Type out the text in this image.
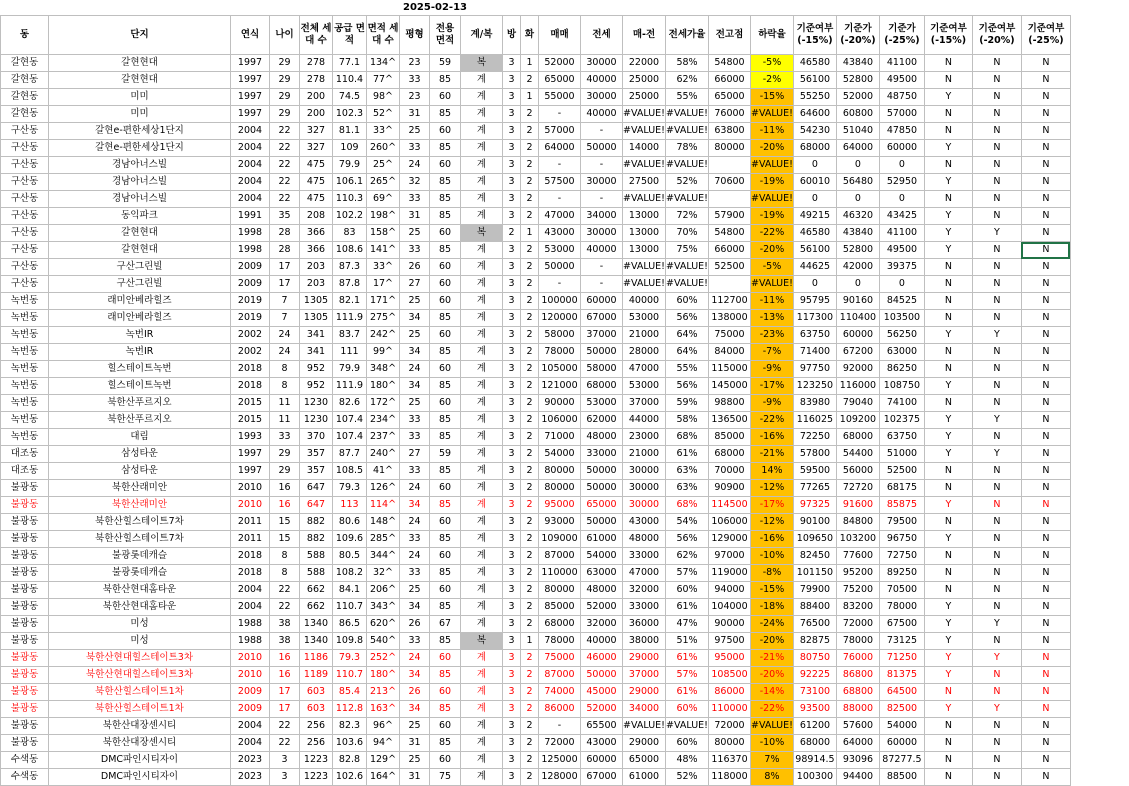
2025-02-13
동	단지	연식	나이	전체 세대 수	공급 면적	면적 세대 수	평형	전용 면적	계/복	방	화	매매	전세	매-전	전세가율	전고점	하락율	기준여부 (-15%)	기준가 (-20%)	기준가 (-25%)	기준여부 (-15%)	기준여부 (-20%)	기준여부 (-25%)
갈현동	갈현현대	1997	29	278	77.1	134^	23	59	복	3	1	52000	30000	22000	58%	54800	-5%	46580	43840	41100	N	N	N
갈현동	갈현현대	1997	29	278	110.4	77^	33	85	계	3	2	65000	40000	25000	62%	66000	-2%	56100	52800	49500	N	N	N
갈현동	미미	1997	29	200	74.5	98^	23	60	계	3	1	55000	30000	25000	55%	65000	-15%	55250	52000	48750	Y	N	N
갈현동	미미	1997	29	200	102.3	52^	31	85	계	3	2	-	40000	#VALUE!	#VALUE!	76000	#VALUE!	64600	60800	57000	N	N	N
구산동	갈현e-편한세상1단지	2004	22	327	81.1	33^	25	60	계	3	2	57000	-	#VALUE!	#VALUE!	63800	-11%	54230	51040	47850	N	N	N
구산동	갈현e-편한세상1단지	2004	22	327	109	260^	33	85	계	3	2	64000	50000	14000	78%	80000	-20%	68000	64000	60000	Y	N	N
구산동	경남아너스빌	2004	22	475	79.9	25^	24	60	계	3	2	-	-	#VALUE!	#VALUE!		#VALUE!	0	0	0	N	N	N
구산동	경남아너스빌	2004	22	475	106.1	265^	32	85	계	3	2	57500	30000	27500	52%	70600	-19%	60010	56480	52950	Y	N	N
구산동	경남아너스빌	2004	22	475	110.3	69^	33	85	계	3	2	-	-	#VALUE!	#VALUE!		#VALUE!	0	0	0	N	N	N
구산동	동익파크	1991	35	208	102.2	198^	31	85	계	3	2	47000	34000	13000	72%	57900	-19%	49215	46320	43425	Y	N	N
구산동	갈현현대	1998	28	366	83	158^	25	60	복	2	1	43000	30000	13000	70%	54800	-22%	46580	43840	41100	Y	Y	N
구산동	갈현현대	1998	28	366	108.6	141^	33	85	계	3	2	53000	40000	13000	75%	66000	-20%	56100	52800	49500	Y	N	N
구산동	구산그린빌	2009	17	203	87.3	33^	26	60	계	3	2	50000	-	#VALUE!	#VALUE!	52500	-5%	44625	42000	39375	N	N	N
구산동	구산그린빌	2009	17	203	87.8	17^	27	60	계	3	2	-	-	#VALUE!	#VALUE!		#VALUE!	0	0	0	N	N	N
녹번동	래미안베라힐즈	2019	7	1305	82.1	171^	25	60	계	3	2	100000	60000	40000	60%	112700	-11%	95795	90160	84525	N	N	N
녹번동	래미안베라힐즈	2019	7	1305	111.9	275^	34	85	계	3	2	120000	67000	53000	56%	138000	-13%	117300	110400	103500	N	N	N
녹번동	녹번IR	2002	24	341	83.7	242^	25	60	계	3	2	58000	37000	21000	64%	75000	-23%	63750	60000	56250	Y	Y	N
녹번동	녹번IR	2002	24	341	111	99^	34	85	계	3	2	78000	50000	28000	64%	84000	-7%	71400	67200	63000	N	N	N
녹번동	힐스테이트녹번	2018	8	952	79.9	348^	24	60	계	3	2	105000	58000	47000	55%	115000	-9%	97750	92000	86250	N	N	N
녹번동	힐스테이트녹번	2018	8	952	111.9	180^	34	85	계	3	2	121000	68000	53000	56%	145000	-17%	123250	116000	108750	Y	N	N
녹번동	북한산푸르지오	2015	11	1230	82.6	172^	25	60	계	3	2	90000	53000	37000	59%	98800	-9%	83980	79040	74100	N	N	N
녹번동	북한산푸르지오	2015	11	1230	107.4	234^	33	85	계	3	2	106000	62000	44000	58%	136500	-22%	116025	109200	102375	Y	Y	N
녹번동	대림	1993	33	370	107.4	237^	33	85	계	3	2	71000	48000	23000	68%	85000	-16%	72250	68000	63750	Y	N	N
대조동	삼성타운	1997	29	357	87.7	240^	27	59	계	3	2	54000	33000	21000	61%	68000	-21%	57800	54400	51000	Y	Y	N
대조동	삼성타운	1997	29	357	108.5	41^	33	85	계	3	2	80000	50000	30000	63%	70000	14%	59500	56000	52500	N	N	N
불광동	북한산래미안	2010	16	647	79.3	126^	24	60	계	3	2	80000	50000	30000	63%	90900	-12%	77265	72720	68175	N	N	N
불광동	북한산래미안	2010	16	647	113	114^	34	85	계	3	2	95000	65000	30000	68%	114500	-17%	97325	91600	85875	Y	N	N
불광동	북한산힐스테이트7차	2011	15	882	80.6	148^	24	60	계	3	2	93000	50000	43000	54%	106000	-12%	90100	84800	79500	N	N	N
불광동	북한산힐스테이트7차	2011	15	882	109.6	285^	33	85	계	3	2	109000	61000	48000	56%	129000	-16%	109650	103200	96750	Y	N	N
불광동	불광롯데캐슬	2018	8	588	80.5	344^	24	60	계	3	2	87000	54000	33000	62%	97000	-10%	82450	77600	72750	N	N	N
불광동	불광롯데캐슬	2018	8	588	108.2	32^	33	85	계	3	2	110000	63000	47000	57%	119000	-8%	101150	95200	89250	N	N	N
불광동	북한산현대홈타운	2004	22	662	84.1	206^	25	60	계	3	2	80000	48000	32000	60%	94000	-15%	79900	75200	70500	N	N	N
불광동	북한산현대홈타운	2004	22	662	110.7	343^	34	85	계	3	2	85000	52000	33000	61%	104000	-18%	88400	83200	78000	Y	N	N
불광동	미성	1988	38	1340	86.5	620^	26	67	계	3	2	68000	32000	36000	47%	90000	-24%	76500	72000	67500	Y	Y	N
불광동	미성	1988	38	1340	109.8	540^	33	85	복	3	1	78000	40000	38000	51%	97500	-20%	82875	78000	73125	Y	N	N
불광동	북한산현대힐스테이트3차	2010	16	1186	79.3	252^	24	60	계	3	2	75000	46000	29000	61%	95000	-21%	80750	76000	71250	Y	Y	N
불광동	북한산현대힐스테이트3차	2010	16	1189	110.7	180^	34	85	계	3	2	87000	50000	37000	57%	108500	-20%	92225	86800	81375	Y	N	N
불광동	북한산힐스테이트1차	2009	17	603	85.4	213^	26	60	계	3	2	74000	45000	29000	61%	86000	-14%	73100	68800	64500	N	N	N
불광동	북한산힐스테이트1차	2009	17	603	112.8	163^	34	85	계	3	2	86000	52000	34000	60%	110000	-22%	93500	88000	82500	Y	Y	N
불광동	북한산대장센시티	2004	22	256	82.3	96^	25	60	계	3	2	-	65500	#VALUE!	#VALUE!	72000	#VALUE!	61200	57600	54000	N	N	N
불광동	북한산대장센시티	2004	22	256	103.6	94^	31	85	계	3	2	72000	43000	29000	60%	80000	-10%	68000	64000	60000	N	N	N
수색동	DMC파인시티자이	2023	3	1223	82.8	129^	25	60	계	3	2	125000	60000	65000	48%	116370	7%	98914.5	93096	87277.5	N	N	N
수색동	DMC파인시티자이	2023	3	1223	102.6	164^	31	75	계	3	2	128000	67000	61000	52%	118000	8%	100300	94400	88500	N	N	N
